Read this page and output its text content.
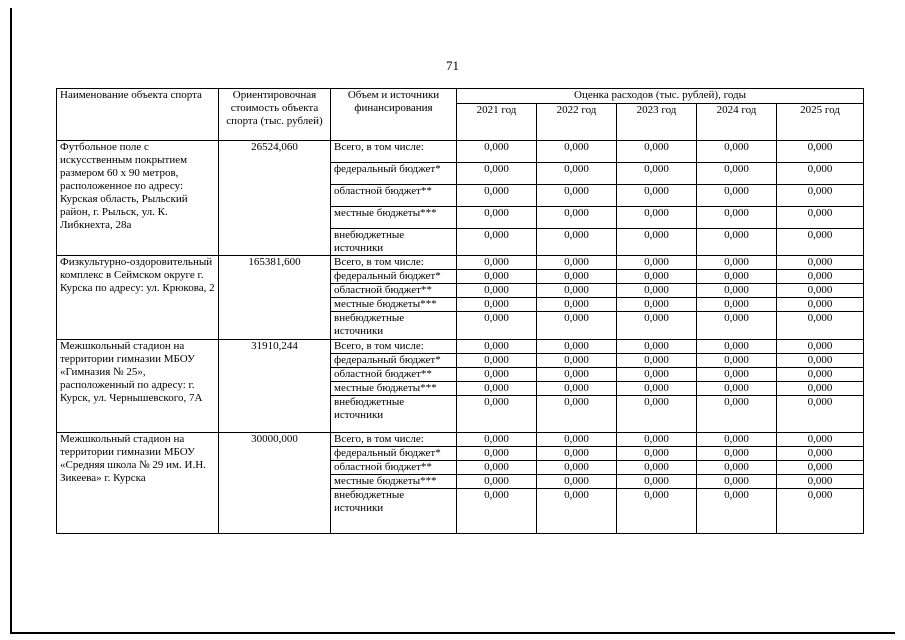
71
Наименование объекта спорта	Ориентировочная стоимость объекта спорта (тыс. рублей)	Объем и источники финансирования	Оценка расходов (тыс. рублей), годы				
			2021 год	2022 год	2023 год	2024 год	2025 год
Футбольное поле с искусственным покрытием размером 60 х 90 метров, расположенное по адресу: Курская область, Рыльский район, г. Рыльск, ул. К. Либкнехта, 28а	26524,060	Всего, в том числе:	0,000	0,000	0,000	0,000	0,000
		федеральный бюджет*	0,000	0,000	0,000	0,000	0,000
		областной бюджет**	0,000	0,000	0,000	0,000	0,000
		местные бюджеты***	0,000	0,000	0,000	0,000	0,000
		внебюджетные источники	0,000	0,000	0,000	0,000	0,000
Физкультурно-оздоровительный комплекс в Сеймском округе г. Курска по адресу: ул. Крюкова, 2	165381,600	Всего, в том числе:	0,000	0,000	0,000	0,000	0,000
		федеральный бюджет*	0,000	0,000	0,000	0,000	0,000
		областной бюджет**	0,000	0,000	0,000	0,000	0,000
		местные бюджеты***	0,000	0,000	0,000	0,000	0,000
		внебюджетные источники	0,000	0,000	0,000	0,000	0,000
Межшкольный стадион на территории гимназии МБОУ «Гимназия № 25», расположенный по адресу: г. Курск, ул. Чернышевского, 7А	31910,244	Всего, в том числе:	0,000	0,000	0,000	0,000	0,000
		федеральный бюджет*	0,000	0,000	0,000	0,000	0,000
		областной бюджет**	0,000	0,000	0,000	0,000	0,000
		местные бюджеты***	0,000	0,000	0,000	0,000	0,000
		внебюджетные источники	0,000	0,000	0,000	0,000	0,000
Межшкольный стадион на территории гимназии МБОУ «Средняя школа № 29 им. И.Н. Зикеева» г. Курска	30000,000	Всего, в том числе:	0,000	0,000	0,000	0,000	0,000
		федеральный бюджет*	0,000	0,000	0,000	0,000	0,000
		областной бюджет**	0,000	0,000	0,000	0,000	0,000
		местные бюджеты***	0,000	0,000	0,000	0,000	0,000
		внебюджетные источники	0,000	0,000	0,000	0,000	0,000
